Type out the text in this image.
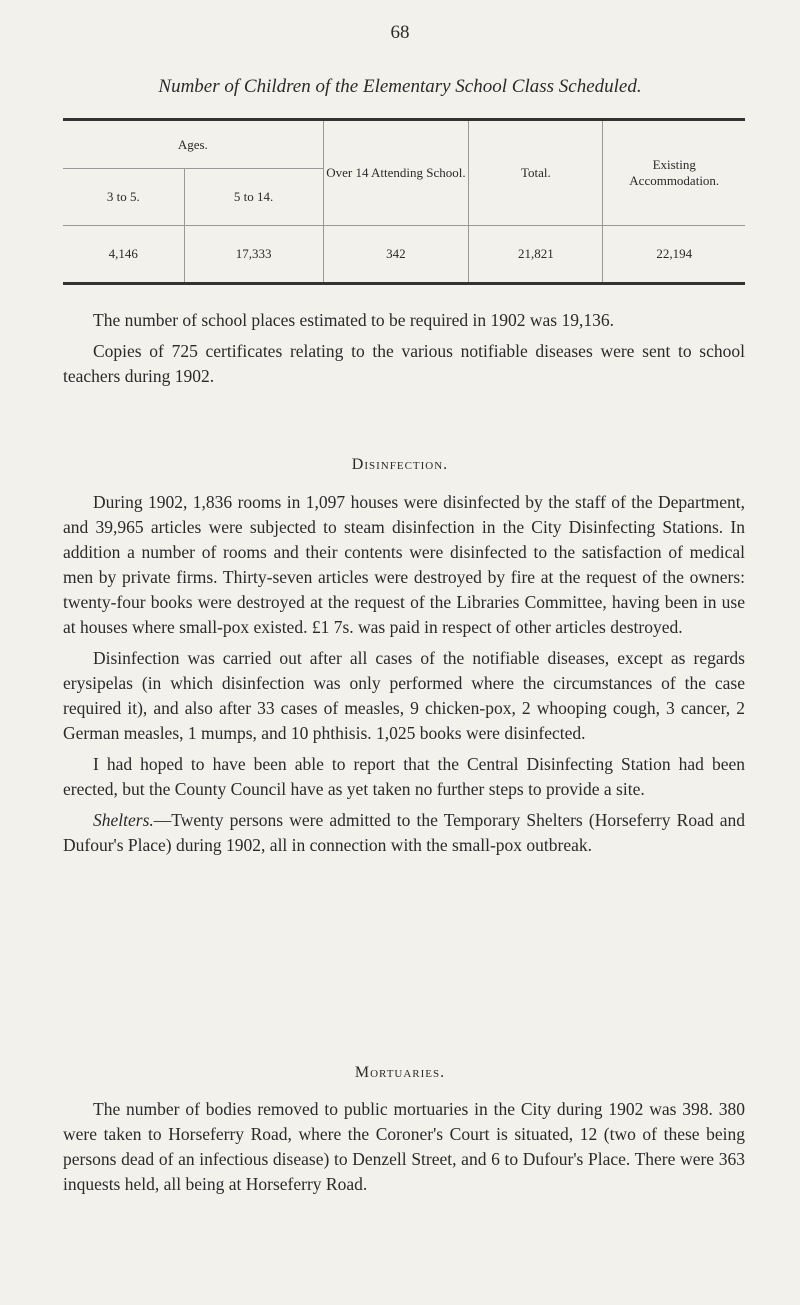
68
Number of Children of the Elementary School Class Scheduled.
Ages.		Over 14 Attending School.	Total.	Existing Accommodation.
3 to 5.	5 to 14.			
4,146	17,333	342	21,821	22,194

The number of school places estimated to be required in 1902 was 19,136.

Copies of 725 certificates relating to the various notifiable diseases were sent to school teachers during 1902.

Disinfection.

During 1902, 1,836 rooms in 1,097 houses were disinfected by the staff of the Department, and 39,965 articles were subjected to steam disinfection in the City Disinfecting Stations. In addition a number of rooms and their contents were disinfected to the satisfaction of medical men by private firms. Thirty-seven articles were destroyed by fire at the request of the owners: twenty-four books were destroyed at the request of the Libraries Committee, having been in use at houses where small-pox existed. £1 7s. was paid in respect of other articles destroyed.

Disinfection was carried out after all cases of the notifiable diseases, except as regards erysipelas (in which disinfection was only performed where the circumstances of the case required it), and also after 33 cases of measles, 9 chicken-pox, 2 whooping cough, 3 cancer, 2 German measles, 1 mumps, and 10 phthisis. 1,025 books were disinfected.

I had hoped to have been able to report that the Central Disinfecting Station had been erected, but the County Council have as yet taken no further steps to provide a site.

Shelters.—Twenty persons were admitted to the Temporary Shelters (Horseferry Road and Dufour's Place) during 1902, all in connection with the small-pox outbreak.

Mortuaries.

The number of bodies removed to public mortuaries in the City during 1902 was 398. 380 were taken to Horseferry Road, where the Coroner's Court is situated, 12 (two of these being persons dead of an infectious disease) to Denzell Street, and 6 to Dufour's Place. There were 363 inquests held, all being at Horseferry Road.
